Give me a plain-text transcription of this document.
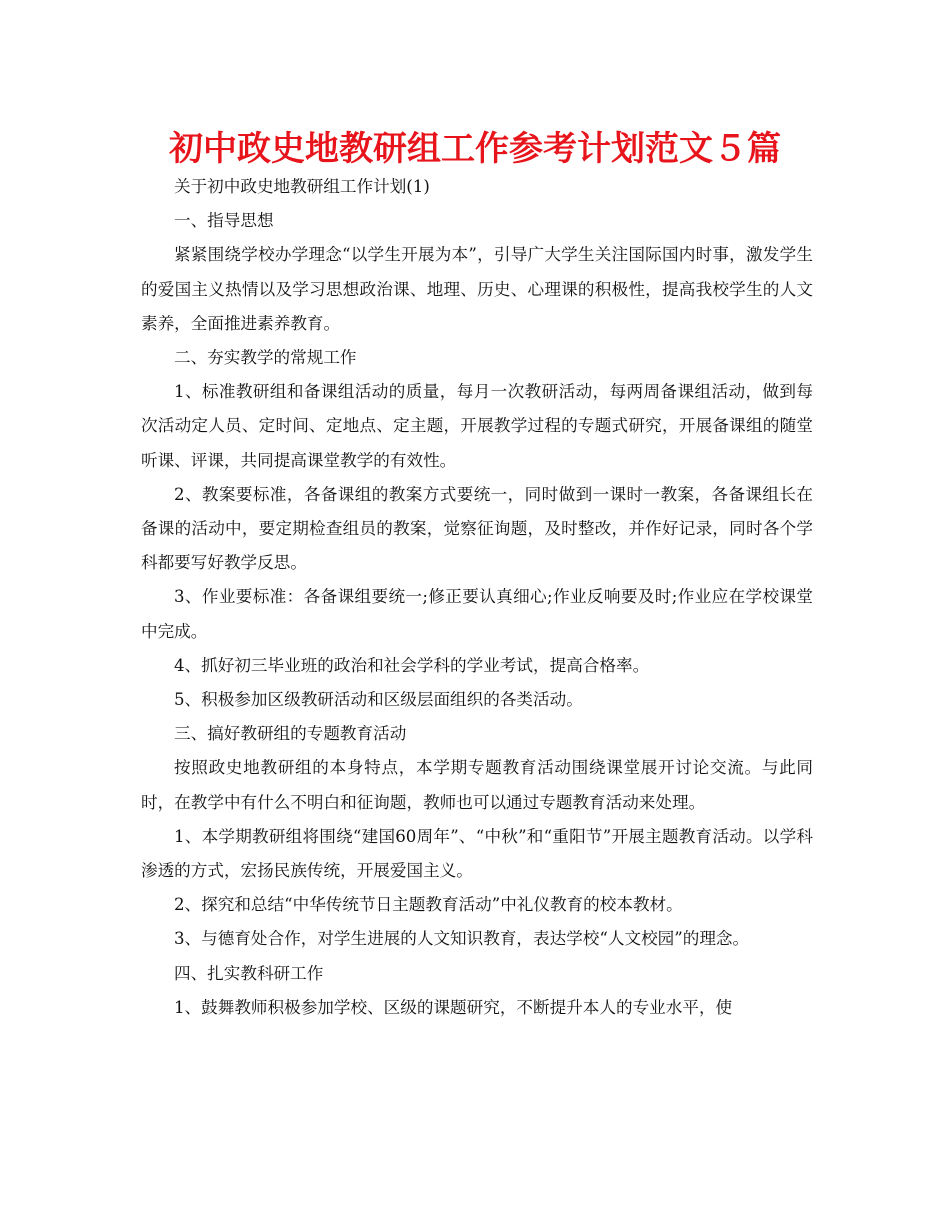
初中政史地教研组工作参考计划范文５篇

关于初中政史地教研组工作计划(1)

一、指导思想

紧紧围绕学校办学理念“以学生开展为本”，引导广大学生关注国际国内时事，激发学生的爱国主义热情以及学习思想政治课、地理、历史、心理课的积极性，提高我校学生的人文素养，全面推进素养教育。

二、夯实教学的常规工作

1、标准教研组和备课组活动的质量，每月一次教研活动，每两周备课组活动，做到每次活动定人员、定时间、定地点、定主题，开展教学过程的专题式研究，开展备课组的随堂听课、评课，共同提高课堂教学的有效性。

2、教案要标准，各备课组的教案方式要统一，同时做到一课时一教案，各备课组长在备课的活动中，要定期检查组员的教案，觉察征询题，及时整改，并作好记录，同时各个学科都要写好教学反思。

3、作业要标准：各备课组要统一;修正要认真细心;作业反响要及时;作业应在学校课堂中完成。

4、抓好初三毕业班的政治和社会学科的学业考试，提高合格率。

5、积极参加区级教研活动和区级层面组织的各类活动。

三、搞好教研组的专题教育活动

按照政史地教研组的本身特点，本学期专题教育活动围绕课堂展开讨论交流。与此同时，在教学中有什么不明白和征询题，教师也可以通过专题教育活动来处理。

1、本学期教研组将围绕“建国60周年”、“中秋”和“重阳节”开展主题教育活动。以学科渗透的方式，宏扬民族传统，开展爱国主义。

2、探究和总结“中华传统节日主题教育活动”中礼仪教育的校本教材。

3、与德育处合作，对学生进展的人文知识教育，表达学校“人文校园”的理念。

四、扎实教科研工作

1、鼓舞教师积极参加学校、区级的课题研究，不断提升本人的专业水平，使
